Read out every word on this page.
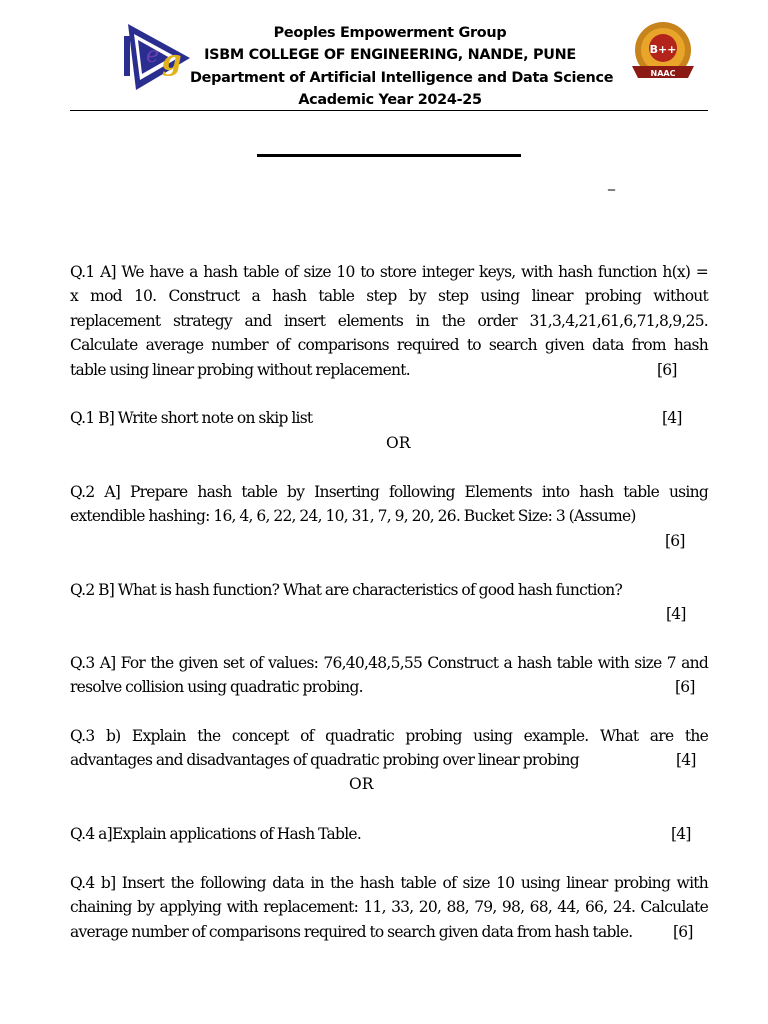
g
e
Peoples Empowerment Group
ISBM COLLEGE OF ENGINEERING, NANDE, PUNE
Department of Artificial Intelligence and Data Science
Academic Year 2024-25
B++
NAAC
_

Q.1 A] We have a hash table of size 10 to store integer keys, with hash function h(x) =

x mod 10. Construct a hash table step by step using linear probing without

replacement strategy and insert elements in the order 31,3,4,21,61,6,71,8,9,25.

Calculate average number of comparisons required to search given data from hash

table using linear probing without replacement.	[6]

Q.1 B] Write short note on skip list	[4]
OR

Q.2 A] Prepare hash table by Inserting following Elements into hash table using

extendible hashing: 16, 4, 6, 22, 24, 10, 31, 7, 9, 20, 26. Bucket Size: 3 (Assume)

[6]

Q.2 B] What is hash function? What are characteristics of good hash function?

[4]

Q.3 A] For the given set of values: 76,40,48,5,55 Construct a hash table with size 7 and

resolve collision using quadratic probing.	[6]

Q.3 b) Explain the concept of quadratic probing using example. What are the

advantages and disadvantages of quadratic probing over linear probing	[4]
OR

Q.4 a]Explain applications of Hash Table.	[4]

Q.4 b] Insert the following data in the hash table of size 10 using linear probing with

chaining by applying with replacement: 11, 33, 20, 88, 79, 98, 68, 44, 66, 24. Calculate

average number of comparisons required to search given data from hash table.	[6]
